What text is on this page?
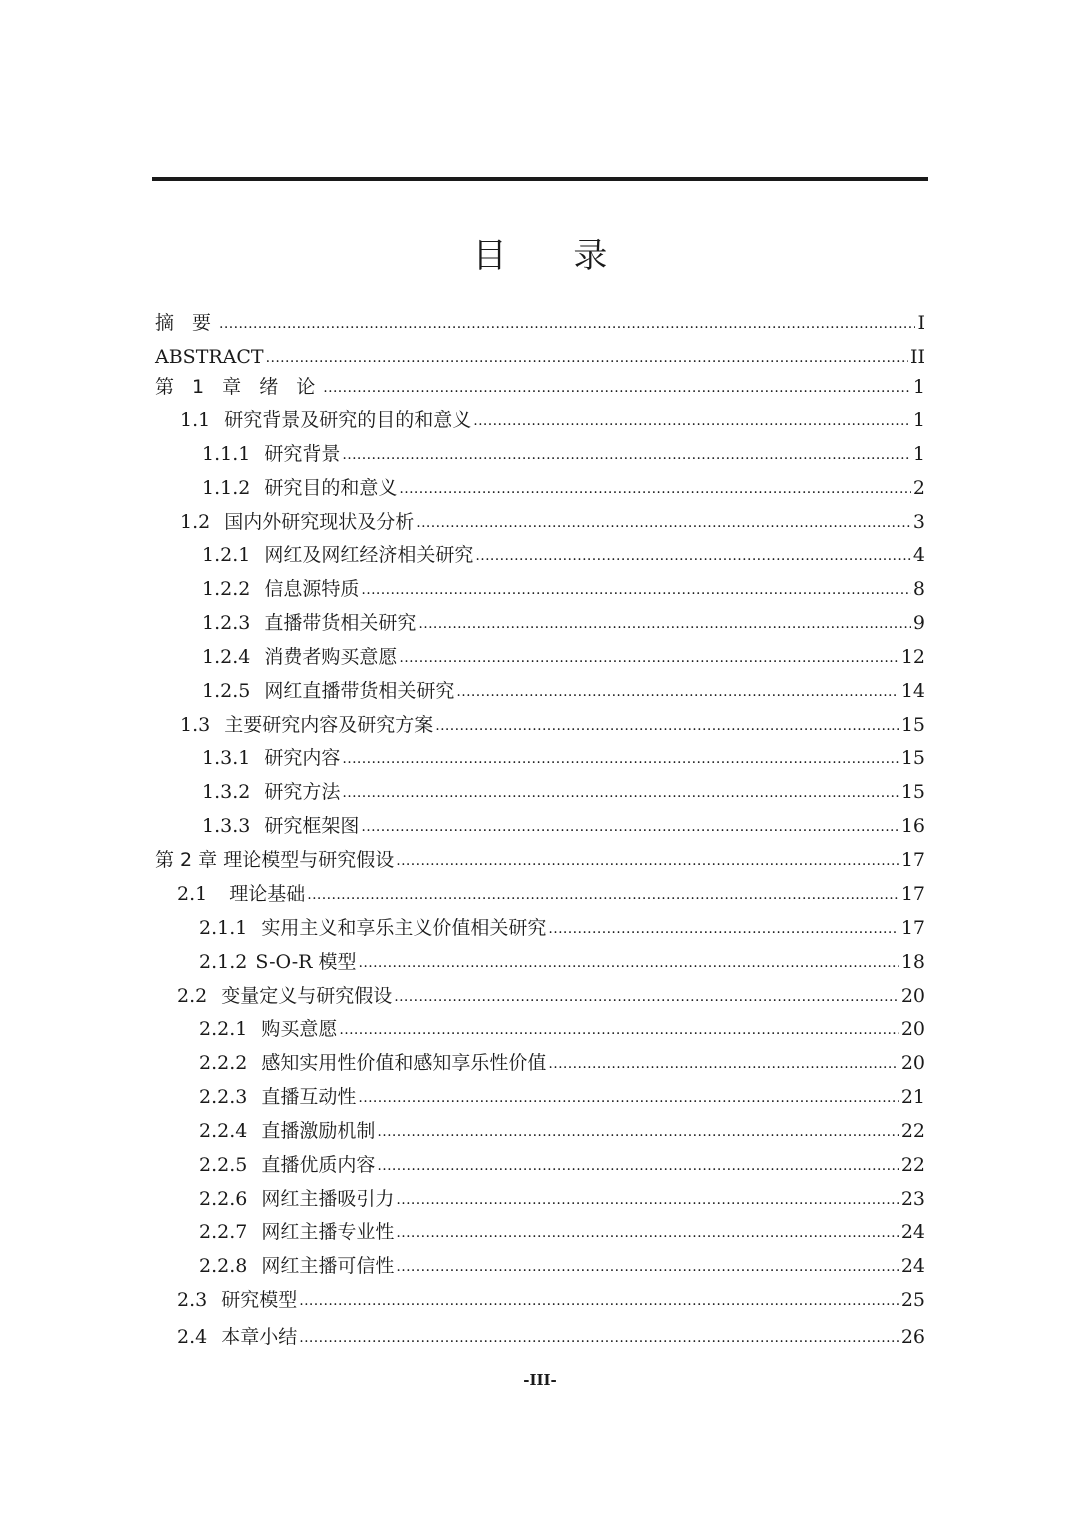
目 录
摘 要 .....	I
ABSTRACT .....	II
第 1 章 绪 论 .....	1
1.1 研究背景及研究的目的和意义 .....	1
1.1.1 研究背景 .....	1
1.1.2 研究目的和意义 .....	2
1.2 国内外研究现状及分析 .....	3
1.2.1 网红及网红经济相关研究 .....	4
1.2.2 信息源特质 .....	8
1.2.3 直播带货相关研究 .....	9
1.2.4 消费者购买意愿 .....	12
1.2.5 网红直播带货相关研究 .....	14
1.3 主要研究内容及研究方案 .....	15
1.3.1 研究内容 .....	15
1.3.2 研究方法 .....	15
1.3.3 研究框架图 .....	16
第 2 章 理论模型与研究假设 .....	17
2.1 理论基础 .....	17
2.1.1 实用主义和享乐主义价值相关研究 .....	17
2.1.2 S-O-R 模型 .....	18
2.2 变量定义与研究假设 .....	20
2.2.1 购买意愿 .....	20
2.2.2 感知实用性价值和感知享乐性价值 .....	20
2.2.3 直播互动性 .....	21
2.2.4 直播激励机制 .....	22
2.2.5 直播优质内容 .....	22
2.2.6 网红主播吸引力 .....	23
2.2.7 网红主播专业性 .....	24
2.2.8 网红主播可信性 .....	24
2.3 研究模型 .....	25
2.4 本章小结 .....	26
-III-
